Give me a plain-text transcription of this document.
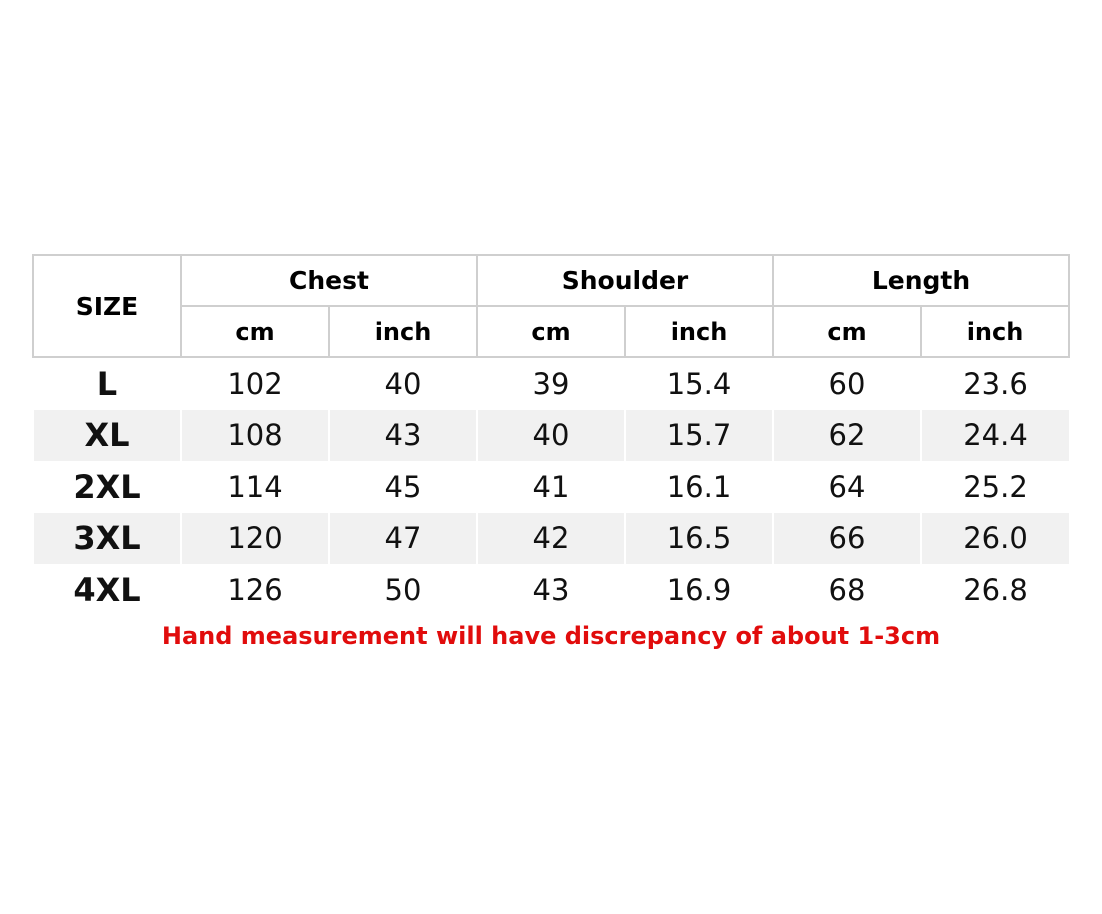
SIZE	Chest		Shoulder		Length	
	cm	inch	cm	inch	cm	inch
L	102	40	39	15.4	60	23.6
XL	108	43	40	15.7	62	24.4
2XL	114	45	41	16.1	64	25.2
3XL	120	47	42	16.5	66	26.0
4XL	126	50	43	16.9	68	26.8
Hand measurement will have discrepancy of about 1-3cm
